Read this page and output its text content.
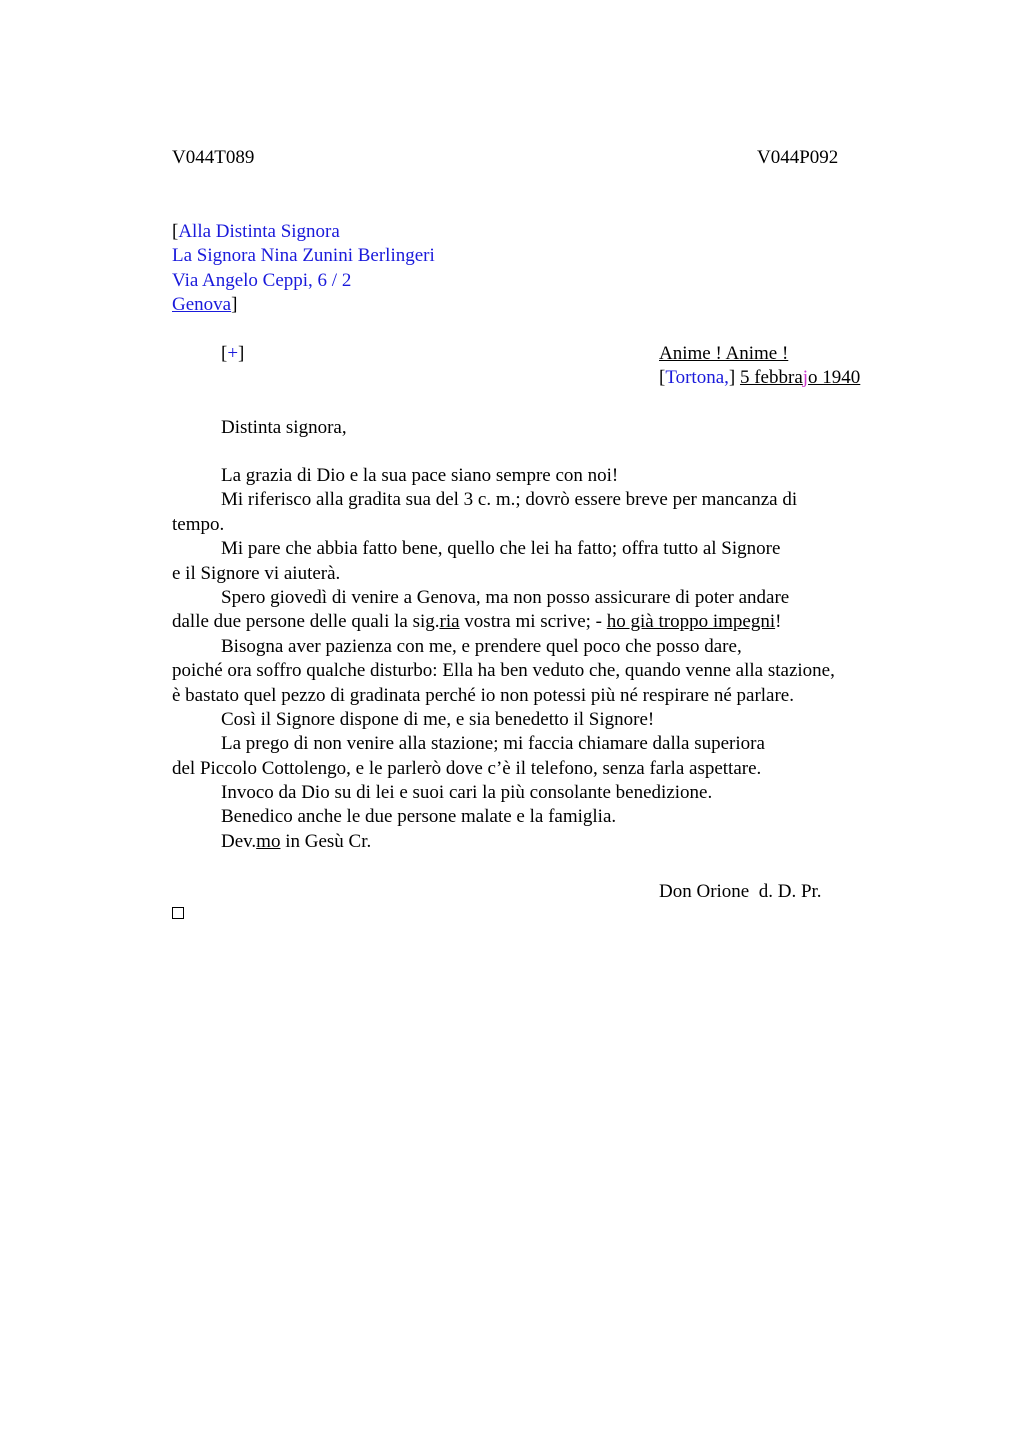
V044T089	V044P092
[Alla Distinta Signora
La Signora Nina Zunini Berlingeri
Via Angelo Ceppi, 6 / 2
Genova]
[+]	Anime ! Anime !
[Tortona,] 5 febbrajo 1940
Distinta signora,
La grazia di Dio e la sua pace siano sempre con noi!
Mi riferisco alla gradita sua del 3 c. m.; dovrò essere breve per mancanza di
tempo.
Mi pare che abbia fatto bene, quello che lei ha fatto; offra tutto al Signore
e il Signore vi aiuterà.
Spero giovedì di venire a Genova, ma non posso assicurare di poter andare
dalle due persone delle quali la sig.ria vostra mi scrive; - ho già troppo impegni!
Bisogna aver pazienza con me, e prendere quel poco che posso dare,
poiché ora soffro qualche disturbo: Ella ha ben veduto che, quando venne alla stazione,
è bastato quel pezzo di gradinata perché io non potessi più né respirare né parlare.
Così il Signore dispone di me, e sia benedetto il Signore!
La prego di non venire alla stazione; mi faccia chiamare dalla superiora
del Piccolo Cottolengo, e le parlerò dove c’è il telefono, senza farla aspettare.
Invoco da Dio su di lei e suoi cari la più consolante benedizione.
Benedico anche le due persone malate e la famiglia.
Dev.mo in Gesù Cr.
Don Orione  d. D. Pr.
